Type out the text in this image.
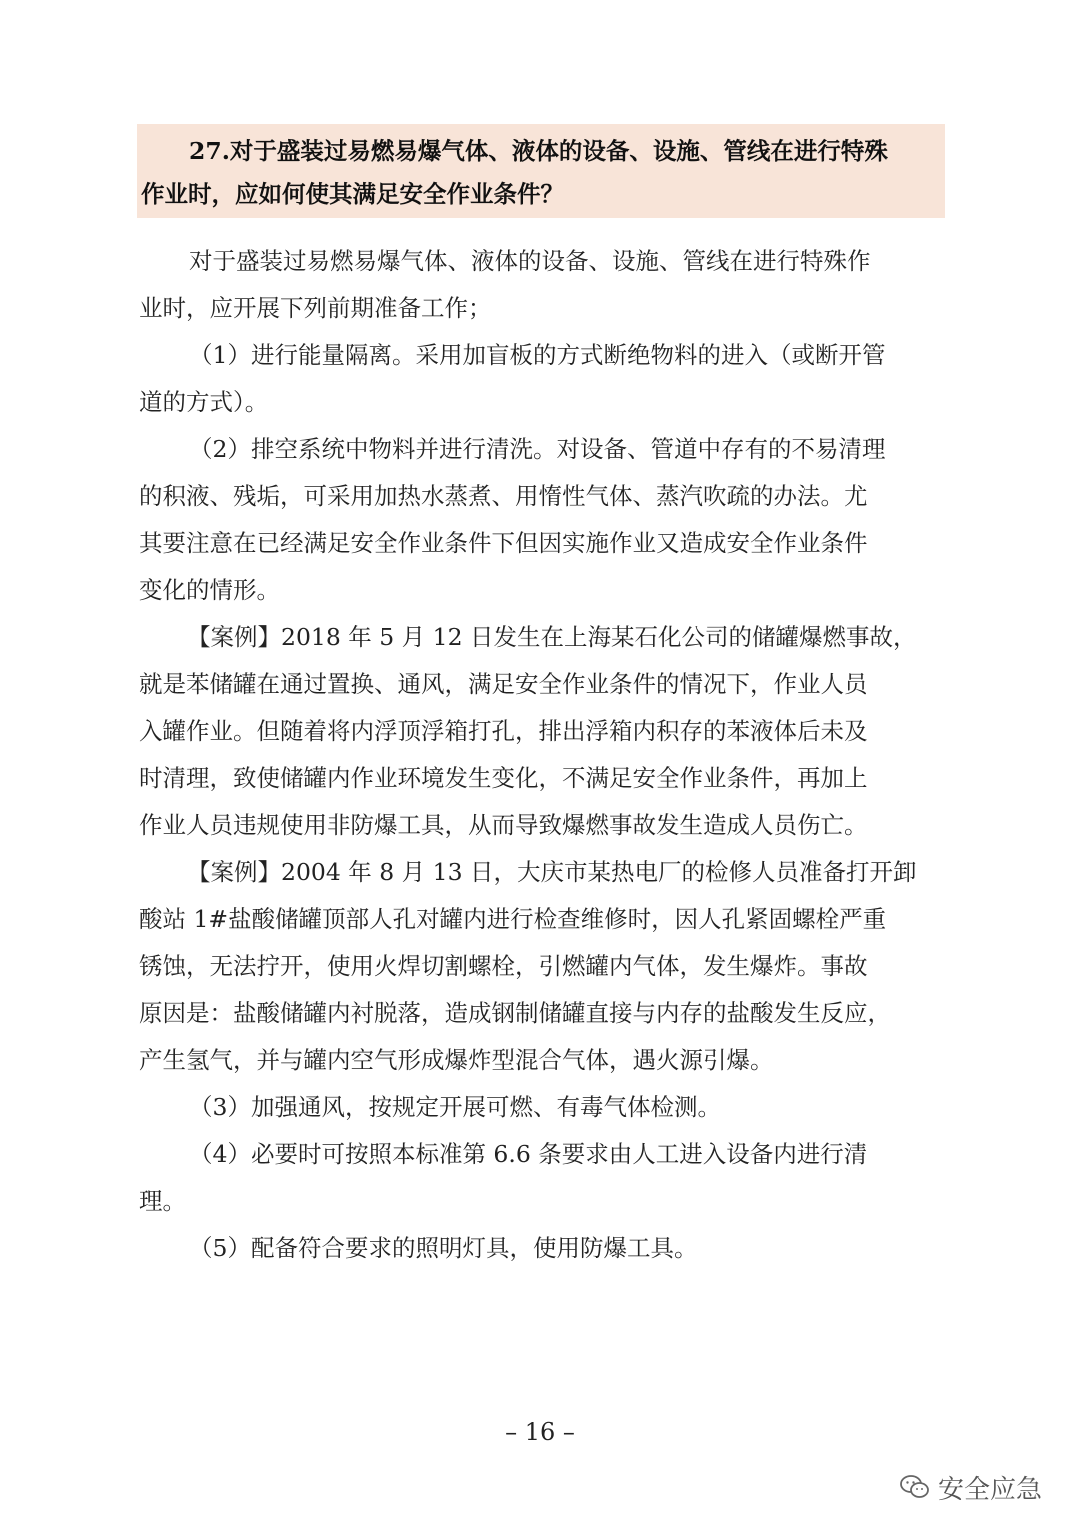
27.对于盛装过易燃易爆气体、液体的设备、设施、管线在进行特殊
作业时，应如何使其满足安全作业条件？
对于盛装过易燃易爆气体、液体的设备、设施、管线在进行特殊作
业时，应开展下列前期准备工作；
（1）进行能量隔离。采用加盲板的方式断绝物料的进入（或断开管
道的方式）。
（2）排空系统中物料并进行清洗。对设备、管道中存有的不易清理
的积液、残垢，可采用加热水蒸煮、用惰性气体、蒸汽吹疏的办法。尤
其要注意在已经满足安全作业条件下但因实施作业又造成安全作业条件
变化的情形。
【案例】2018 年 5 月 12 日发生在上海某石化公司的储罐爆燃事故，
就是苯储罐在通过置换、通风，满足安全作业条件的情况下，作业人员
入罐作业。但随着将内浮顶浮箱打孔，排出浮箱内积存的苯液体后未及
时清理，致使储罐内作业环境发生变化，不满足安全作业条件，再加上
作业人员违规使用非防爆工具，从而导致爆燃事故发生造成人员伤亡。
【案例】2004 年 8 月 13 日，大庆市某热电厂的检修人员准备打开卸
酸站 1#盐酸储罐顶部人孔对罐内进行检查维修时，因人孔紧固螺栓严重
锈蚀，无法拧开，使用火焊切割螺栓，引燃罐内气体，发生爆炸。事故
原因是：盐酸储罐内衬脱落，造成钢制储罐直接与内存的盐酸发生反应，
产生氢气，并与罐内空气形成爆炸型混合气体，遇火源引爆。
（3）加强通风，按规定开展可燃、有毒气体检测。
（4）必要时可按照本标准第 6.6 条要求由人工进入设备内进行清
理。
（5）配备符合要求的照明灯具，使用防爆工具。
– 16 –
安全应急
